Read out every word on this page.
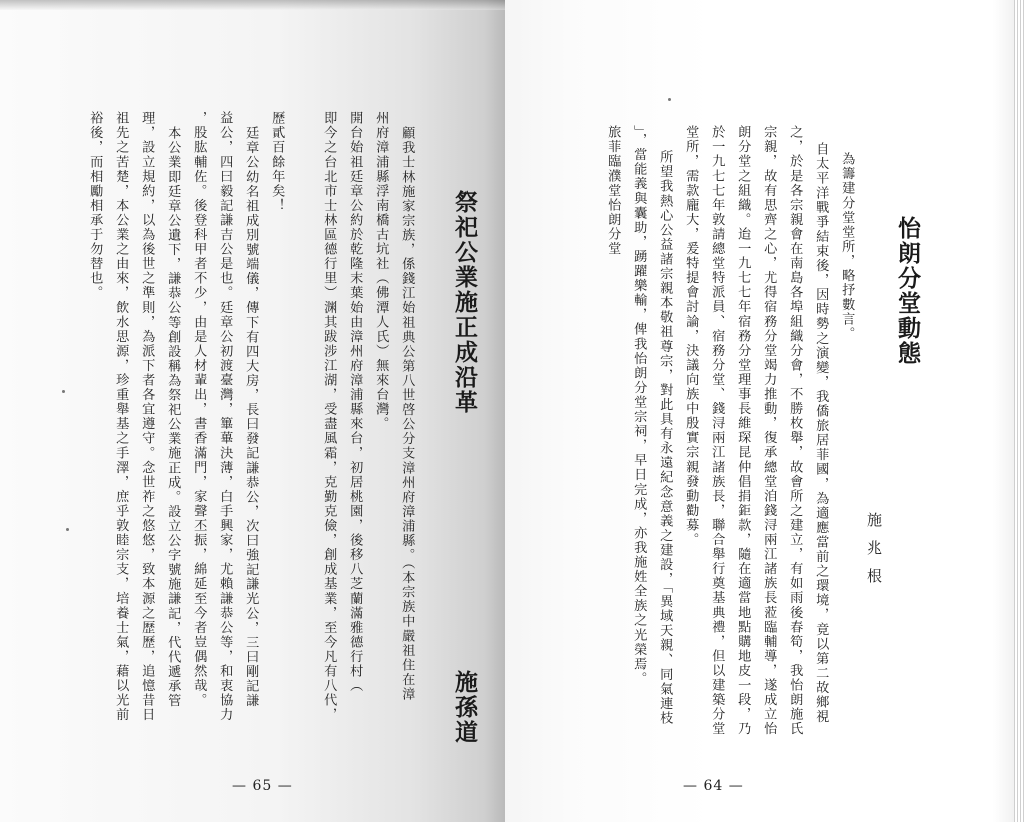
祭祀公業施正成沿革
施孫道

顧我士林施家宗族，係錢江始祖典公第八世啓公分支漳州府漳浦縣。（本宗族中嚴祖住在漳

州府漳浦縣浮南橋古坑社（佛潭人氏）無來台灣。

開台始祖廷章公約於乾隆末葉始由漳州府漳浦縣來台，初居桃園，後移八芝蘭滿雅德行村（

即今之台北市士林區德行里）渊其跋涉江湖，受盡風霜，克勤克儉，創成基業，至今凡有八代，

歷貳百餘年矣！

廷章公幼名祖成別號端儀，傳下有四大房，長曰發記謙恭公，次曰強記謙光公，三曰剛記謙

益公，四曰毅記謙吉公是也。廷章公初渡臺灣，篳蓽決薄，白手興家，尤賴謙恭公等，和衷協力

，股肱輔佐。後登科甲者不少，由是人材輩出，書香滿門，家聲丕振，綿延至今者豈偶然哉。

本公業即廷章公遺下，謙恭公等創設稱為祭祀公業施正成。設立公字號施謙記，代代遞承管

理，設立規約，以為後世之準則，為派下者各宜遵守。念世祚之悠悠，致本源之歷歷，追憶昔日

祖先之苦楚，本公業之由來，飲水思源，珍重舉基之手澤，庶乎敦睦宗支，培養士氣，藉以光前

裕後，而相勵相承于勿替也。

— 65 —
怡朗分堂動態
施兆根

為籌建分堂堂所，略抒數言。

自太平洋戰爭結束後，因時勢之演變，我僑旅居菲國，為適應當前之環境，竟以第二故鄉視

之，於是各宗親會在南島各埠組織分會，不勝枚舉，故會所之建立，有如雨後春筍，我怡朗施氏

宗親，故有思齊之心，尤得宿務分堂竭力推動，復承總堂洎錢浔兩江諸族長蒞臨輔導，遂成立怡

朗分堂之組織。迨一九七七年宿務分堂理事長維琛昆仲倡捐鉅款，隨在適當地點購地皮一段，乃

於一九七七年敦請總堂特派員、宿務分堂、錢浔兩江諸族長，聯合舉行奠基典禮，但以建築分堂

堂所，需款龐大，爰特提會討論，決議向族中殷實宗親發動勸募。

所望我熱心公益諸宗親本敬祖尊宗，對此具有永遠紀念意義之建設，「異域天親、同氣連枝

」，當能義與囊助，踴躍樂輸，俾我怡朗分堂宗祠，早日完成，亦我施姓全族之光榮焉。

旅菲臨濮堂怡朗分堂

— 64 —
